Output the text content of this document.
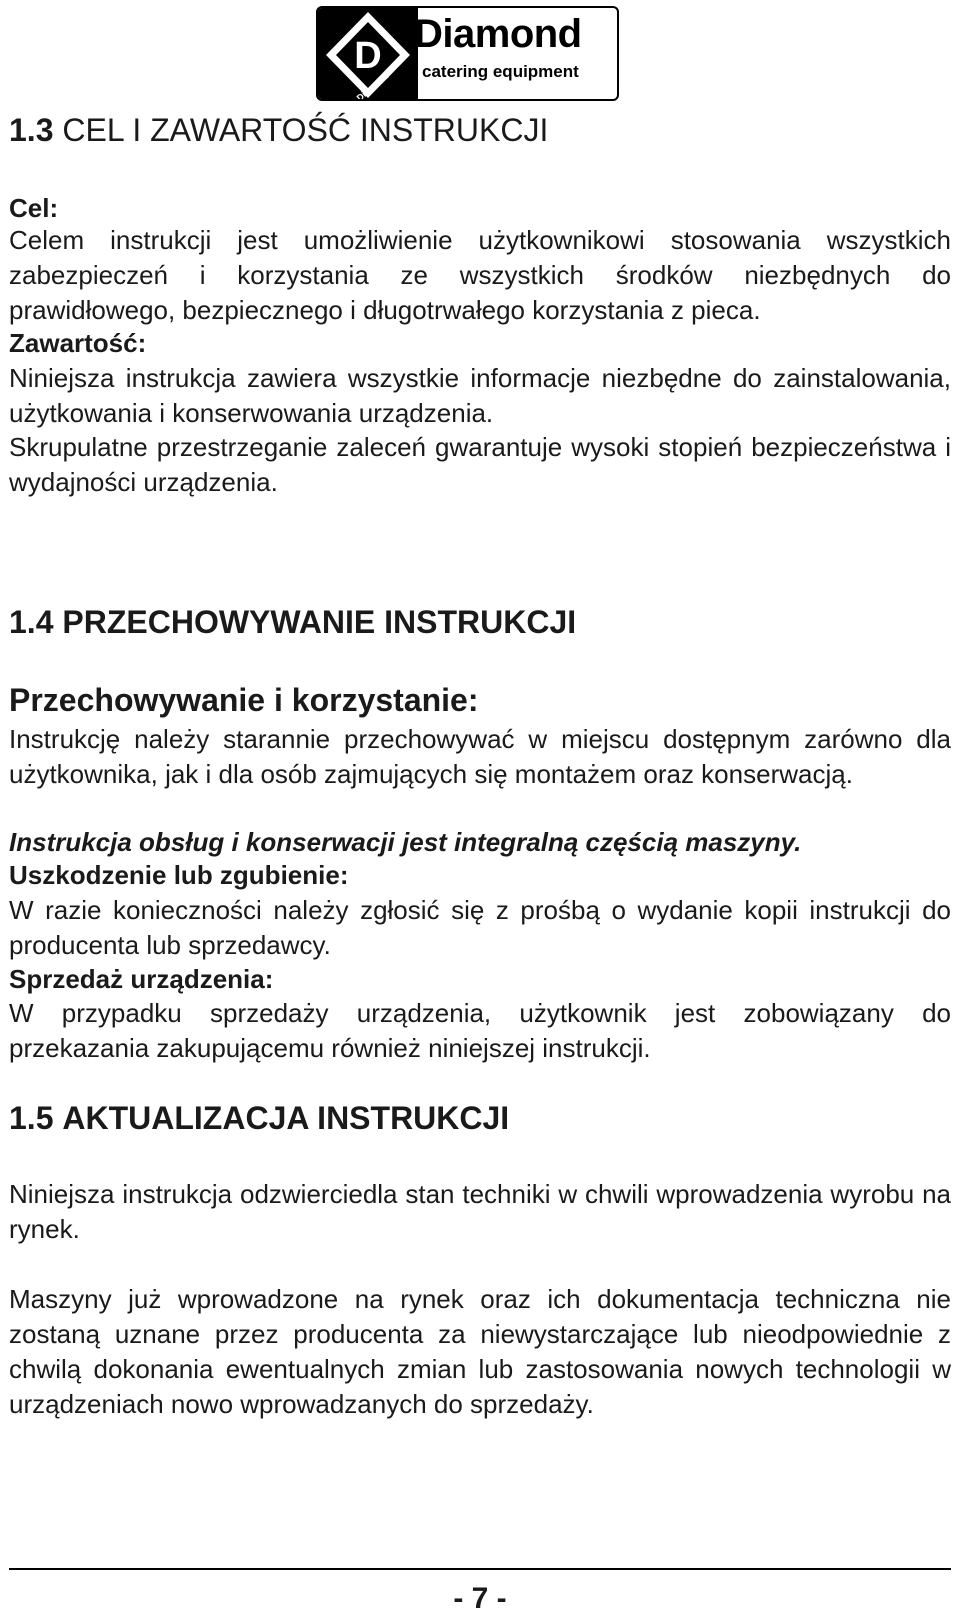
D
Diamond
Diamond
catering equipment
1.3 CEL I ZAWARTOŚĆ INSTRUKCJI
Cel:

Celem instrukcji jest umożliwienie użytkownikowi stosowania wszystkich zabezpieczeń i korzystania ze wszystkich środków niezbędnych do prawidłowego, bezpiecznego i długotrwałego korzystania z pieca.

Zawartość:

Niniejsza instrukcja zawiera wszystkie informacje niezbędne do zainstalowania, użytkowania i konserwowania urządzenia.

Skrupulatne przestrzeganie zaleceń gwarantuje wysoki stopień bezpieczeństwa i wydajności urządzenia.

1.4 PRZECHOWYWANIE INSTRUKCJI
Przechowywanie i korzystanie:

Instrukcję należy starannie przechowywać w miejscu dostępnym zarówno dla użytkownika, jak i dla osób zajmujących się montażem oraz konserwacją.

Instrukcja obsług i konserwacji jest integralną częścią maszyny.
Uszkodzenie lub zgubienie:

W razie konieczności należy zgłosić się z prośbą o wydanie kopii instrukcji do producenta lub sprzedawcy.

Sprzedaż urządzenia:

W przypadku sprzedaży urządzenia, użytkownik jest zobowiązany do przekazania zakupującemu również niniejszej instrukcji.

1.5 AKTUALIZACJA INSTRUKCJI

Niniejsza instrukcja odzwierciedla stan techniki w chwili wprowadzenia wyrobu na rynek.

Maszyny już wprowadzone na rynek oraz ich dokumentacja techniczna nie zostaną uznane przez producenta za niewystarczające lub nieodpowiednie z chwilą dokonania ewentualnych zmian lub zastosowania nowych technologii w urządzeniach nowo wprowadzanych do sprzedaży.

- 7 -
